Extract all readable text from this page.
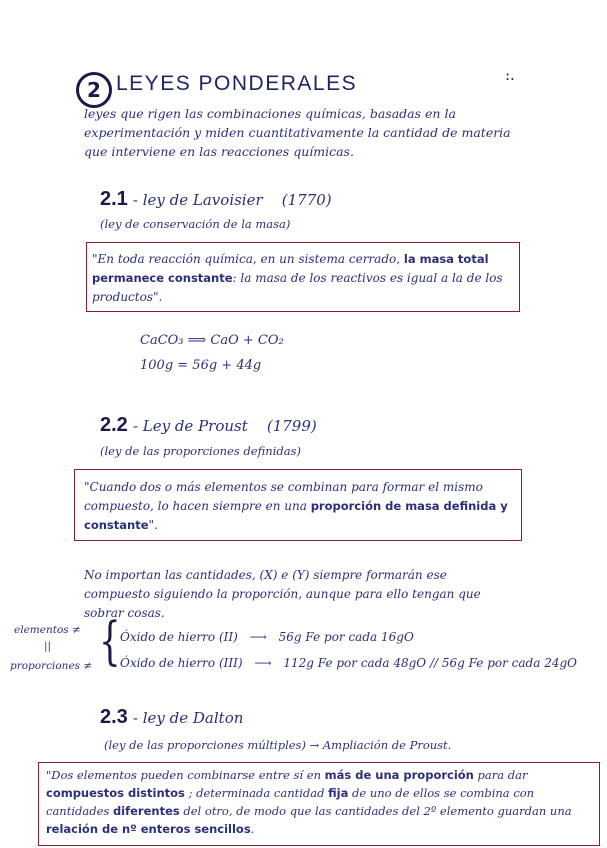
2 LEYES PONDERALES	:.
leyes que rigen las combinaciones químicas, basadas en la experimentación y miden cuantitativamente la cantidad de materia que interviene en las reacciones químicas.
2.1 - ley de Lavoisier (1770)
(ley de conservación de la masa)
"En toda reacción química, en un sistema cerrado, la masa total permanece constante: la masa de los reactivos es igual a la de los productos".
CaCO₃ ⟹ CaO + CO₂
100g = 56g + 44g
2.2 - Ley de Proust (1799)
(ley de las proporciones definidas)
"Cuando dos o más elementos se combinan para formar el mismo compuesto, lo hacen siempre en una proporción de masa definida y constante".
No importan las cantidades, (X) e (Y) siempre formarán ese compuesto siguiendo la proporción, aunque para ello tengan que sobrar cosas.
elementos ≠
||
proporciones ≠ { Óxido de hierro (II) ⟶ 56g Fe por cada 16gO
Óxido de hierro (III) ⟶ 112g Fe por cada 48gO // 56g Fe por cada 24gO
2.3 - ley de Dalton
(ley de las proporciones múltiples) → Ampliación de Proust.
"Dos elementos pueden combinarse entre sí en más de una proporción para dar compuestos distintos ; determinada cantidad fija de uno de ellos se combina con cantidades diferentes del otro, de modo que las cantidades del 2º elemento guardan una relación de nº enteros sencillos.
